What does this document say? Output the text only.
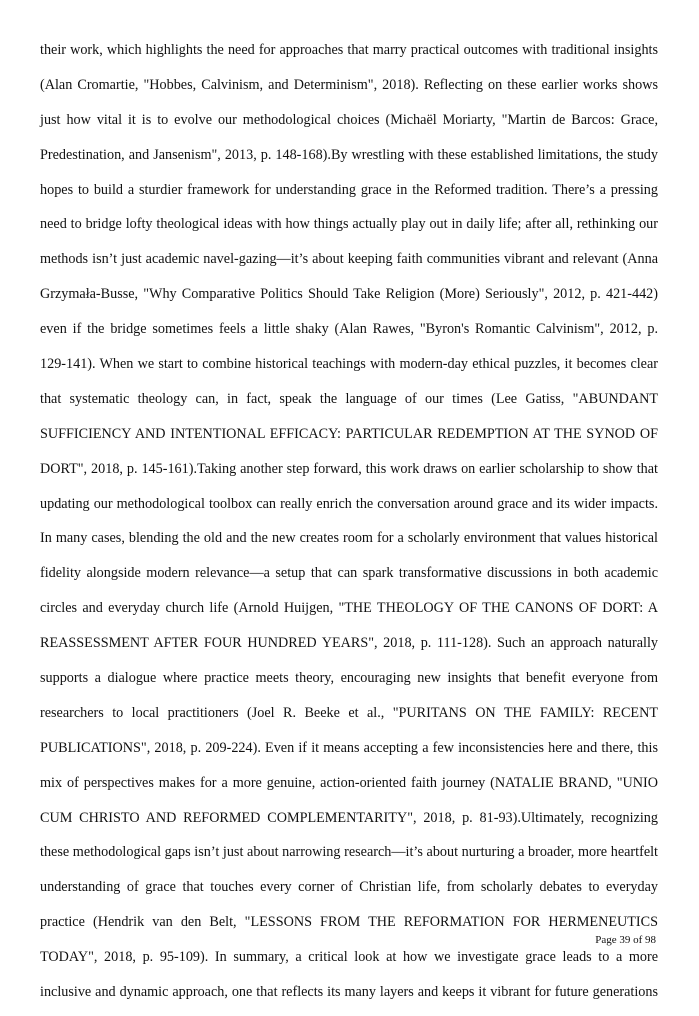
their work, which highlights the need for approaches that marry practical outcomes with traditional insights
(Alan Cromartie, "Hobbes, Calvinism, and Determinism", 2018). Reflecting on these earlier works shows
just how vital it is to evolve our methodological choices (Michaël Moriarty, "Martin de Barcos: Grace,
Predestination, and Jansenism", 2013, p. 148-168).By wrestling with these established limitations, the study
hopes to build a sturdier framework for understanding grace in the Reformed tradition. There’s a pressing
need to bridge lofty theological ideas with how things actually play out in daily life; after all, rethinking our
methods isn’t just academic navel-gazing—it’s about keeping faith communities vibrant and relevant (Anna
Grzymała-Busse, "Why Comparative Politics Should Take Religion (More) Seriously", 2012, p. 421-442)
even if the bridge sometimes feels a little shaky (Alan Rawes, "Byron's Romantic Calvinism", 2012, p.
129-141). When we start to combine historical teachings with modern-day ethical puzzles, it becomes clear
that systematic theology can, in fact, speak the language of our times (Lee Gatiss, "ABUNDANT
SUFFICIENCY AND INTENTIONAL EFFICACY: PARTICULAR REDEMPTION AT THE SYNOD OF
DORT", 2018, p. 145-161).Taking another step forward, this work draws on earlier scholarship to show that
updating our methodological toolbox can really enrich the conversation around grace and its wider impacts.
In many cases, blending the old and the new creates room for a scholarly environment that values historical
fidelity alongside modern relevance—a setup that can spark transformative discussions in both academic
circles and everyday church life (Arnold Huijgen, "THE THEOLOGY OF THE CANONS OF DORT: A
REASSESSMENT AFTER FOUR HUNDRED YEARS", 2018, p. 111-128). Such an approach naturally
supports a dialogue where practice meets theory, encouraging new insights that benefit everyone from
researchers to local practitioners (Joel R. Beeke et al., "PURITANS ON THE FAMILY: RECENT
PUBLICATIONS", 2018, p. 209-224). Even if it means accepting a few inconsistencies here and there, this
mix of perspectives makes for a more genuine, action-oriented faith journey (NATALIE BRAND, "UNIO
CUM CHRISTO AND REFORMED COMPLEMENTARITY", 2018, p. 81-93).Ultimately, recognizing
these methodological gaps isn’t just about narrowing research—it’s about nurturing a broader, more heartfelt
understanding of grace that touches every corner of Christian life, from scholarly debates to everyday
practice (Hendrik van den Belt, "LESSONS FROM THE REFORMATION FOR HERMENEUTICS
TODAY", 2018, p. 95-109). In summary, a critical look at how we investigate grace leads to a more
inclusive and dynamic approach, one that reflects its many layers and keeps it vibrant for future generations
Page 39 of 98
